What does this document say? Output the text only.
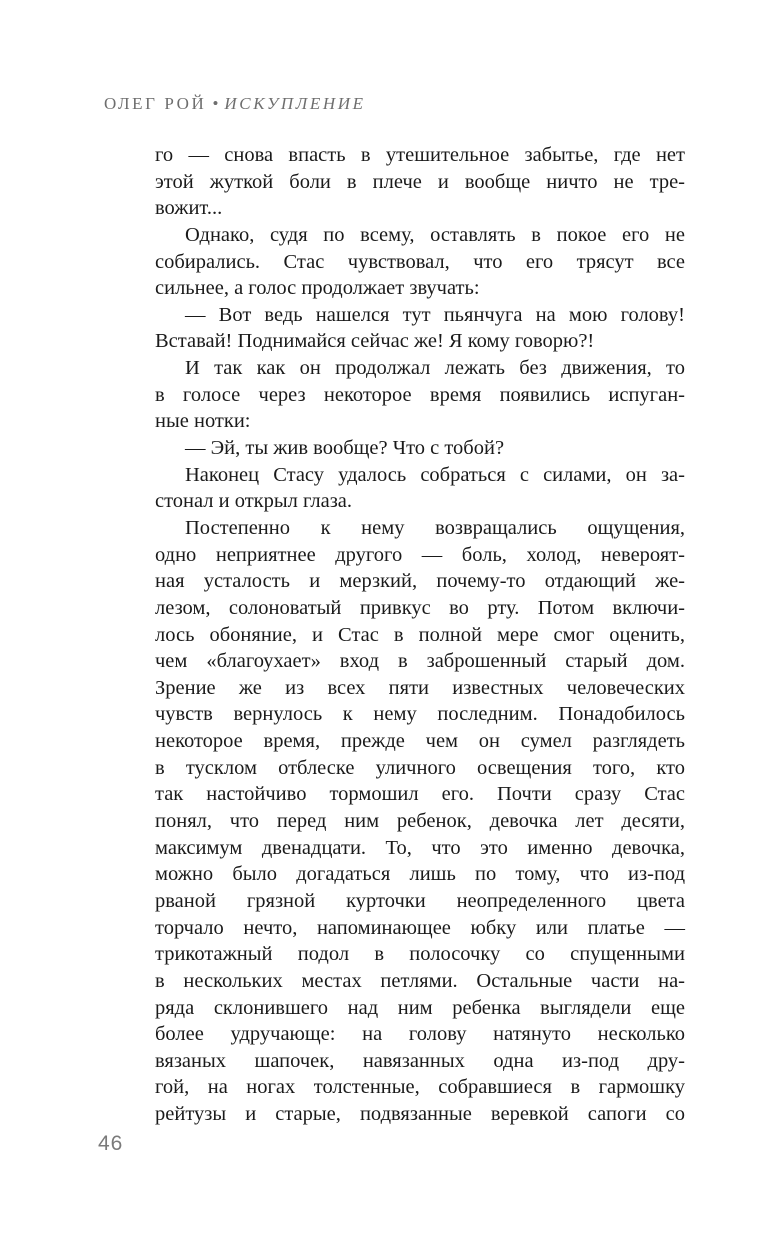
ОЛЕГ РОЙ • ИСКУПЛЕНИЕ
го — снова впасть в утешительное забытье, где нет
этой жуткой боли в плече и вообще ничто не тре-
вожит...
Однако, судя по всему, оставлять в покое его не
собирались. Стас чувствовал, что его трясут все
сильнее, а голос продолжает звучать:
— Вот ведь нашелся тут пьянчуга на мою голову!
Вставай! Поднимайся сейчас же! Я кому говорю?!
И так как он продолжал лежать без движения, то
в голосе через некоторое время появились испуган-
ные нотки:
— Эй, ты жив вообще? Что с тобой?
Наконец Стасу удалось собраться с силами, он за-
стонал и открыл глаза.
Постепенно к нему возвращались ощущения,
одно неприятнее другого — боль, холод, невероят-
ная усталость и мерзкий, почему-то отдающий же-
лезом, солоноватый привкус во рту. Потом включи-
лось обоняние, и Стас в полной мере смог оценить,
чем «благоухает» вход в заброшенный старый дом.
Зрение же из всех пяти известных человеческих
чувств вернулось к нему последним. Понадобилось
некоторое время, прежде чем он сумел разглядеть
в тусклом отблеске уличного освещения того, кто
так настойчиво тормошил его. Почти сразу Стас
понял, что перед ним ребенок, девочка лет десяти,
максимум двенадцати. То, что это именно девочка,
можно было догадаться лишь по тому, что из-под
рваной грязной курточки неопределенного цвета
торчало нечто, напоминающее юбку или платье —
трикотажный подол в полосочку со спущенными
в нескольких местах петлями. Остальные части на-
ряда склонившего над ним ребенка выглядели еще
более удручающе: на голову натянуто несколько
вязаных шапочек, навязанных одна из-под дру-
гой, на ногах толстенные, собравшиеся в гармошку
рейтузы и старые, подвязанные веревкой сапоги со
46
